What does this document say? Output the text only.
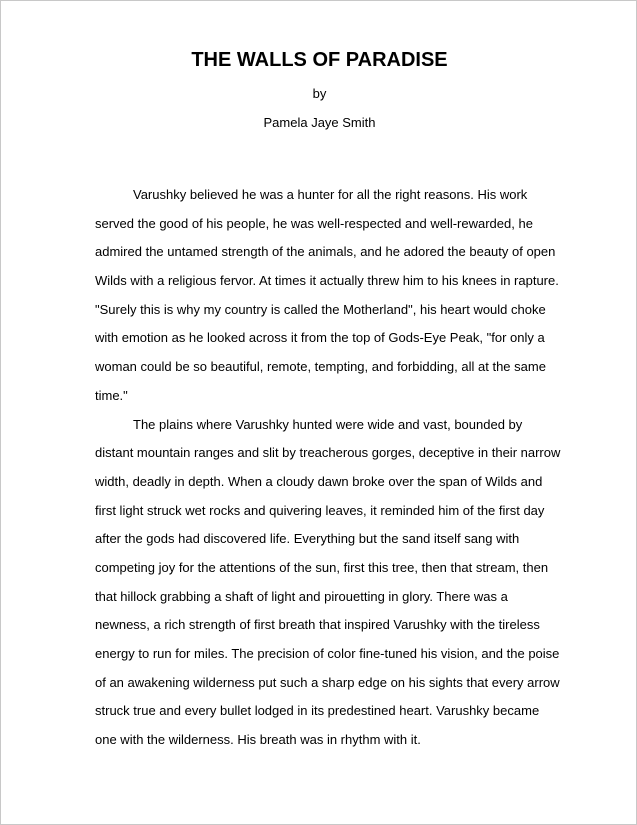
THE WALLS OF PARADISE

by

Pamela Jaye Smith

Varushky believed he was a hunter for all the right reasons. His work
served the good of his people, he was well-respected and well-rewarded, he
admired the untamed strength of the animals, and he adored the beauty of open
Wilds with a religious fervor. At times it actually threw him to his knees in rapture.
"Surely this is why my country is called the Motherland", his heart would choke
with emotion as he looked across it from the top of Gods-Eye Peak, "for only a
woman could be so beautiful, remote, tempting, and forbidding, all at the same
time."
The plains where Varushky hunted were wide and vast, bounded by
distant mountain ranges and slit by treacherous gorges, deceptive in their narrow
width, deadly in depth. When a cloudy dawn broke over the span of Wilds and
first light struck wet rocks and quivering leaves, it reminded him of the first day
after the gods had discovered life. Everything but the sand itself sang with
competing joy for the attentions of the sun, first this tree, then that stream, then
that hillock grabbing a shaft of light and pirouetting in glory. There was a
newness, a rich strength of first breath that inspired Varushky with the tireless
energy to run for miles. The precision of color fine-tuned his vision, and the poise
of an awakening wilderness put such a sharp edge on his sights that every arrow
struck true and every bullet lodged in its predestined heart. Varushky became
one with the wilderness. His breath was in rhythm with it.
